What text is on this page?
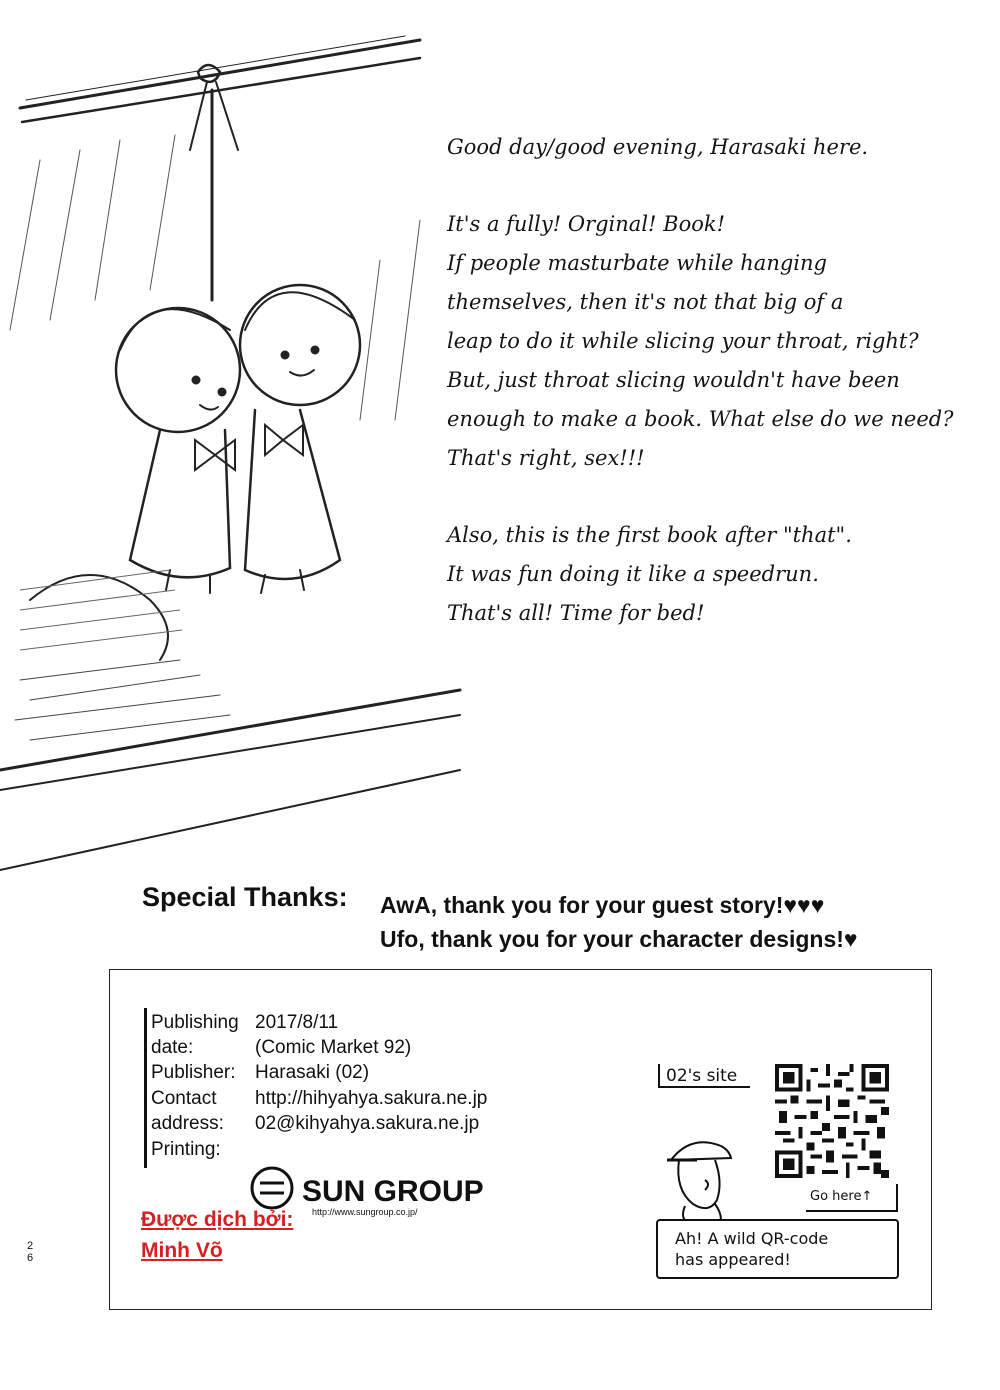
Good day/good evening, Harasaki here.

It's a fully! Orginal! Book!
If people masturbate while hanging
themselves, then it's not that big of a
leap to do it while slicing your throat, right?
But, just throat slicing wouldn't have been
enough to make a book. What else do we need?
That's right, sex!!!

Also, this is the first book after "that".
It was fun doing it like a speedrun.
That's all! Time for bed!

Special Thanks: AwA, thank you for your guest story!♥♥♥
Ufo, thank you for your character designs!♥
Publishing 2017/8/11
date:	(Comic Market 92)
Publisher: Harasaki (02)
Contact http://hihyahya.sakura.ne.jp
address: 02@kihyahya.sakura.ne.jp
Printing:
SUN GROUP
http://www.sungroup.co.jp/
Được dịch bởi:
Minh Võ
02's site
Go here↑
Ah! A wild QR-code
has appeared!
2
6
